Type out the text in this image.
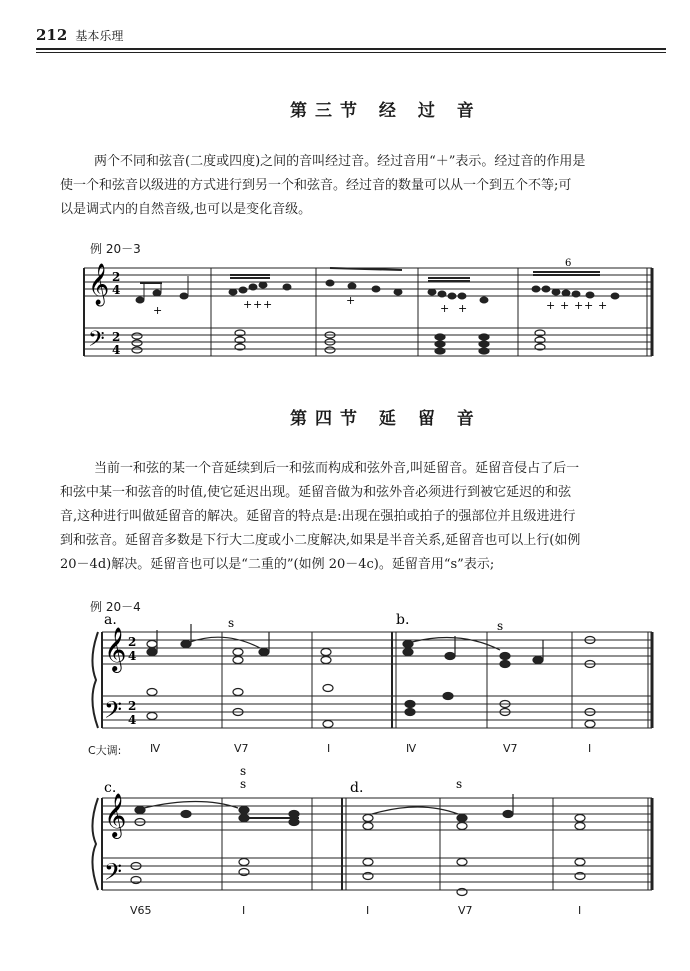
212 基本乐理
第三节 经 过 音

两个不同和弦音(二度或四度)之间的音叫经过音。经过音用“＋”表示。经过音的作用是

使一个和弦音以级进的方式进行到另一个和弦音。经过音的数量可以从一个到五个不等;可

以是调式内的自然音级,也可以是变化音级。

例 20－3
𝄞
𝄢
2
4
2
4
6
+	+ + +	+
+ +	+ + + + +
第四节 延 留 音

当前一和弦的某一个音延续到后一和弦而构成和弦外音,叫延留音。延留音侵占了后一

和弦中某一和弦音的时值,使它延迟出现。延留音做为和弦外音必须进行到被它延迟的和弦

音,这种进行叫做延留音的解决。延留音的特点是:出现在强拍或拍子的强部位并且级进进行

到和弦音。延留音多数是下行大二度或小二度解决,如果是半音关系,延留音也可以上行(如例

20－4d)解决。延留音也可以是“二重的”(如例 20－4c)。延留音用“s”表示;

例 20－4
𝄞
𝄢
𝄞
𝄢
2
4
2
4
a.	b.
c.	d.
s	s
s
s	s
C大调:	Ⅳ	V7	I	Ⅳ	V7	I
V65	I	I	V7	I
